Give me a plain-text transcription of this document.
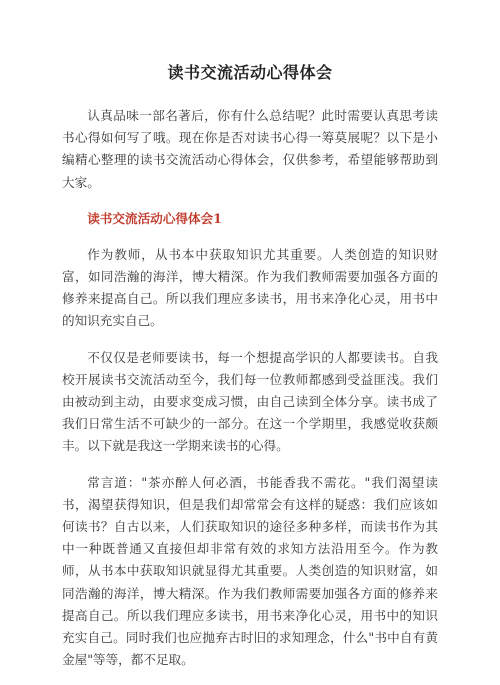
读书交流活动心得体会

认真品味一部名著后，你有什么总结呢？此时需要认真思考读书心得如何写了哦。现在你是否对读书心得一筹莫展呢？以下是小编精心整理的读书交流活动心得体会，仅供参考，希望能够帮助到大家。

读书交流活动心得体会1

作为教师，从书本中获取知识尤其重要。人类创造的知识财富，如同浩瀚的海洋，博大精深。作为我们教师需要加强各方面的修养来提高自己。所以我们理应多读书，用书来净化心灵，用书中的知识充实自己。

不仅仅是老师要读书，每一个想提高学识的人都要读书。自我校开展读书交流活动至今，我们每一位教师都感到受益匪浅。我们由被动到主动，由要求变成习惯，由自己读到全体分享。读书成了我们日常生活不可缺少的一部分。在这一个学期里，我感觉收获颇丰。以下就是我这一学期来读书的心得。

常言道："茶亦醉人何必酒，书能香我不需花。"我们渴望读书，渴望获得知识，但是我们却常常会有这样的疑惑：我们应该如何读书？自古以来，人们获取知识的途径多种多样，而读书作为其中一种既普通又直接但却非常有效的求知方法沿用至今。作为教师，从书本中获取知识就显得尤其重要。人类创造的知识财富，如同浩瀚的海洋，博大精深。作为我们教师需要加强各方面的修养来提高自己。所以我们理应多读书，用书来净化心灵，用书中的知识充实自己。同时我们也应抛弃古时旧的求知理念，什么"书中自有黄金屋"等等，都不足取。
